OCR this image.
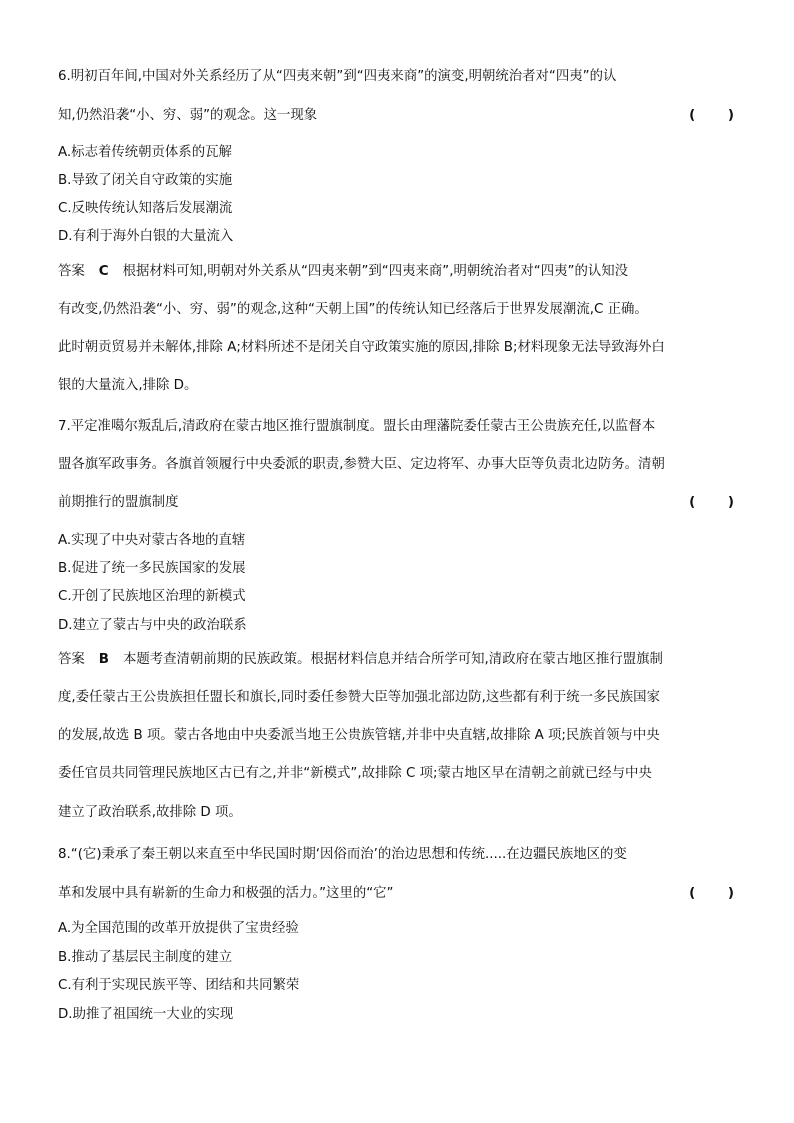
6.明初百年间,中国对外关系经历了从“四夷来朝”到“四夷来商”的演变,明朝统治者对“四夷”的认
知,仍然沿袭“小、穷、弱”的观念。这一现象	( )
A.标志着传统朝贡体系的瓦解
B.导致了闭关自守政策的实施
C.反映传统认知落后发展潮流
D.有利于海外白银的大量流入
答案 C 根据材料可知,明朝对外关系从“四夷来朝”到“四夷来商”,明朝统治者对“四夷”的认知没
有改变,仍然沿袭“小、穷、弱”的观念,这种“天朝上国”的传统认知已经落后于世界发展潮流,C 正确。
此时朝贡贸易并未解体,排除 A;材料所述不是闭关自守政策实施的原因,排除 B;材料现象无法导致海外白
银的大量流入,排除 D。
7.平定准噶尔叛乱后,清政府在蒙古地区推行盟旗制度。盟长由理藩院委任蒙古王公贵族充任,以监督本
盟各旗军政事务。各旗首领履行中央委派的职责,参赞大臣、定边将军、办事大臣等负责北边防务。清朝
前期推行的盟旗制度	( )
A.实现了中央对蒙古各地的直辖
B.促进了统一多民族国家的发展
C.开创了民族地区治理的新模式
D.建立了蒙古与中央的政治联系
答案 B 本题考查清朝前期的民族政策。根据材料信息并结合所学可知,清政府在蒙古地区推行盟旗制
度,委任蒙古王公贵族担任盟长和旗长,同时委任参赞大臣等加强北部边防,这些都有利于统一多民族国家
的发展,故选 B 项。蒙古各地由中央委派当地王公贵族管辖,并非中央直辖,故排除 A 项;民族首领与中央
委任官员共同管理民族地区古已有之,并非“新模式”,故排除 C 项;蒙古地区早在清朝之前就已经与中央
建立了政治联系,故排除 D 项。
8.“(它)秉承了秦王朝以来直至中华民国时期‘因俗而治’的治边思想和传统.....在边疆民族地区的变
革和发展中具有崭新的生命力和极强的活力。”这里的“它”	( )
A.为全国范围的改革开放提供了宝贵经验
B.推动了基层民主制度的建立
C.有利于实现民族平等、团结和共同繁荣
D.助推了祖国统一大业的实现
